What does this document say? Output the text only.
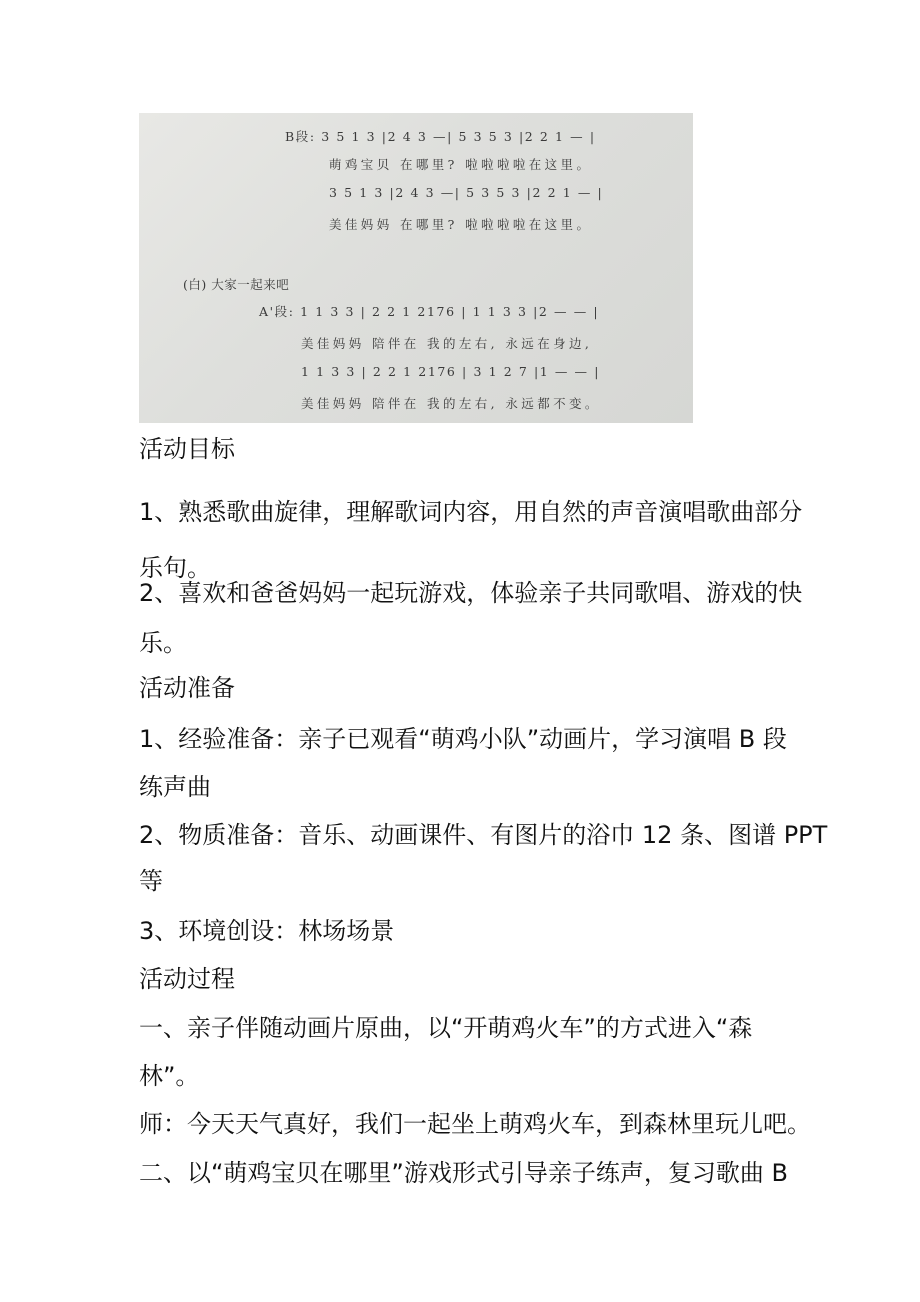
B段: 3 5 1 3 |2 4 3 —| 5 3 5 3 |2 2 1 — |
萌鸡宝贝 在哪里? 啦啦啦啦在这里。
3 5 1 3 |2 4 3 —| 5 3 5 3 |2 2 1 — |
美佳妈妈 在哪里? 啦啦啦啦在这里。
(白) 大家一起来吧
A'段: 1 1 3 3 | 2 2 1 2176 | 1 1 3 3 |2 — — |
美佳妈妈 陪伴在 我的左右, 永远在身边,
1 1 3 3 | 2 2 1 2176 | 3 1 2 7 |1 — — |
美佳妈妈 陪伴在 我的左右, 永远都不变。

活动目标

1、熟悉歌曲旋律，理解歌词内容，用自然的声音演唱歌曲部分

乐句。

2、喜欢和爸爸妈妈一起玩游戏，体验亲子共同歌唱、游戏的快

乐。

活动准备

1、经验准备：亲子已观看“萌鸡小队”动画片，学习演唱 B 段

练声曲

2、物质准备：音乐、动画课件、有图片的浴巾 12 条、图谱 PPT

等

3、环境创设：林场场景

活动过程

一、亲子伴随动画片原曲，以“开萌鸡火车”的方式进入“森

林”。

师：今天天气真好，我们一起坐上萌鸡火车，到森林里玩儿吧。

二、以“萌鸡宝贝在哪里”游戏形式引导亲子练声，复习歌曲 B
